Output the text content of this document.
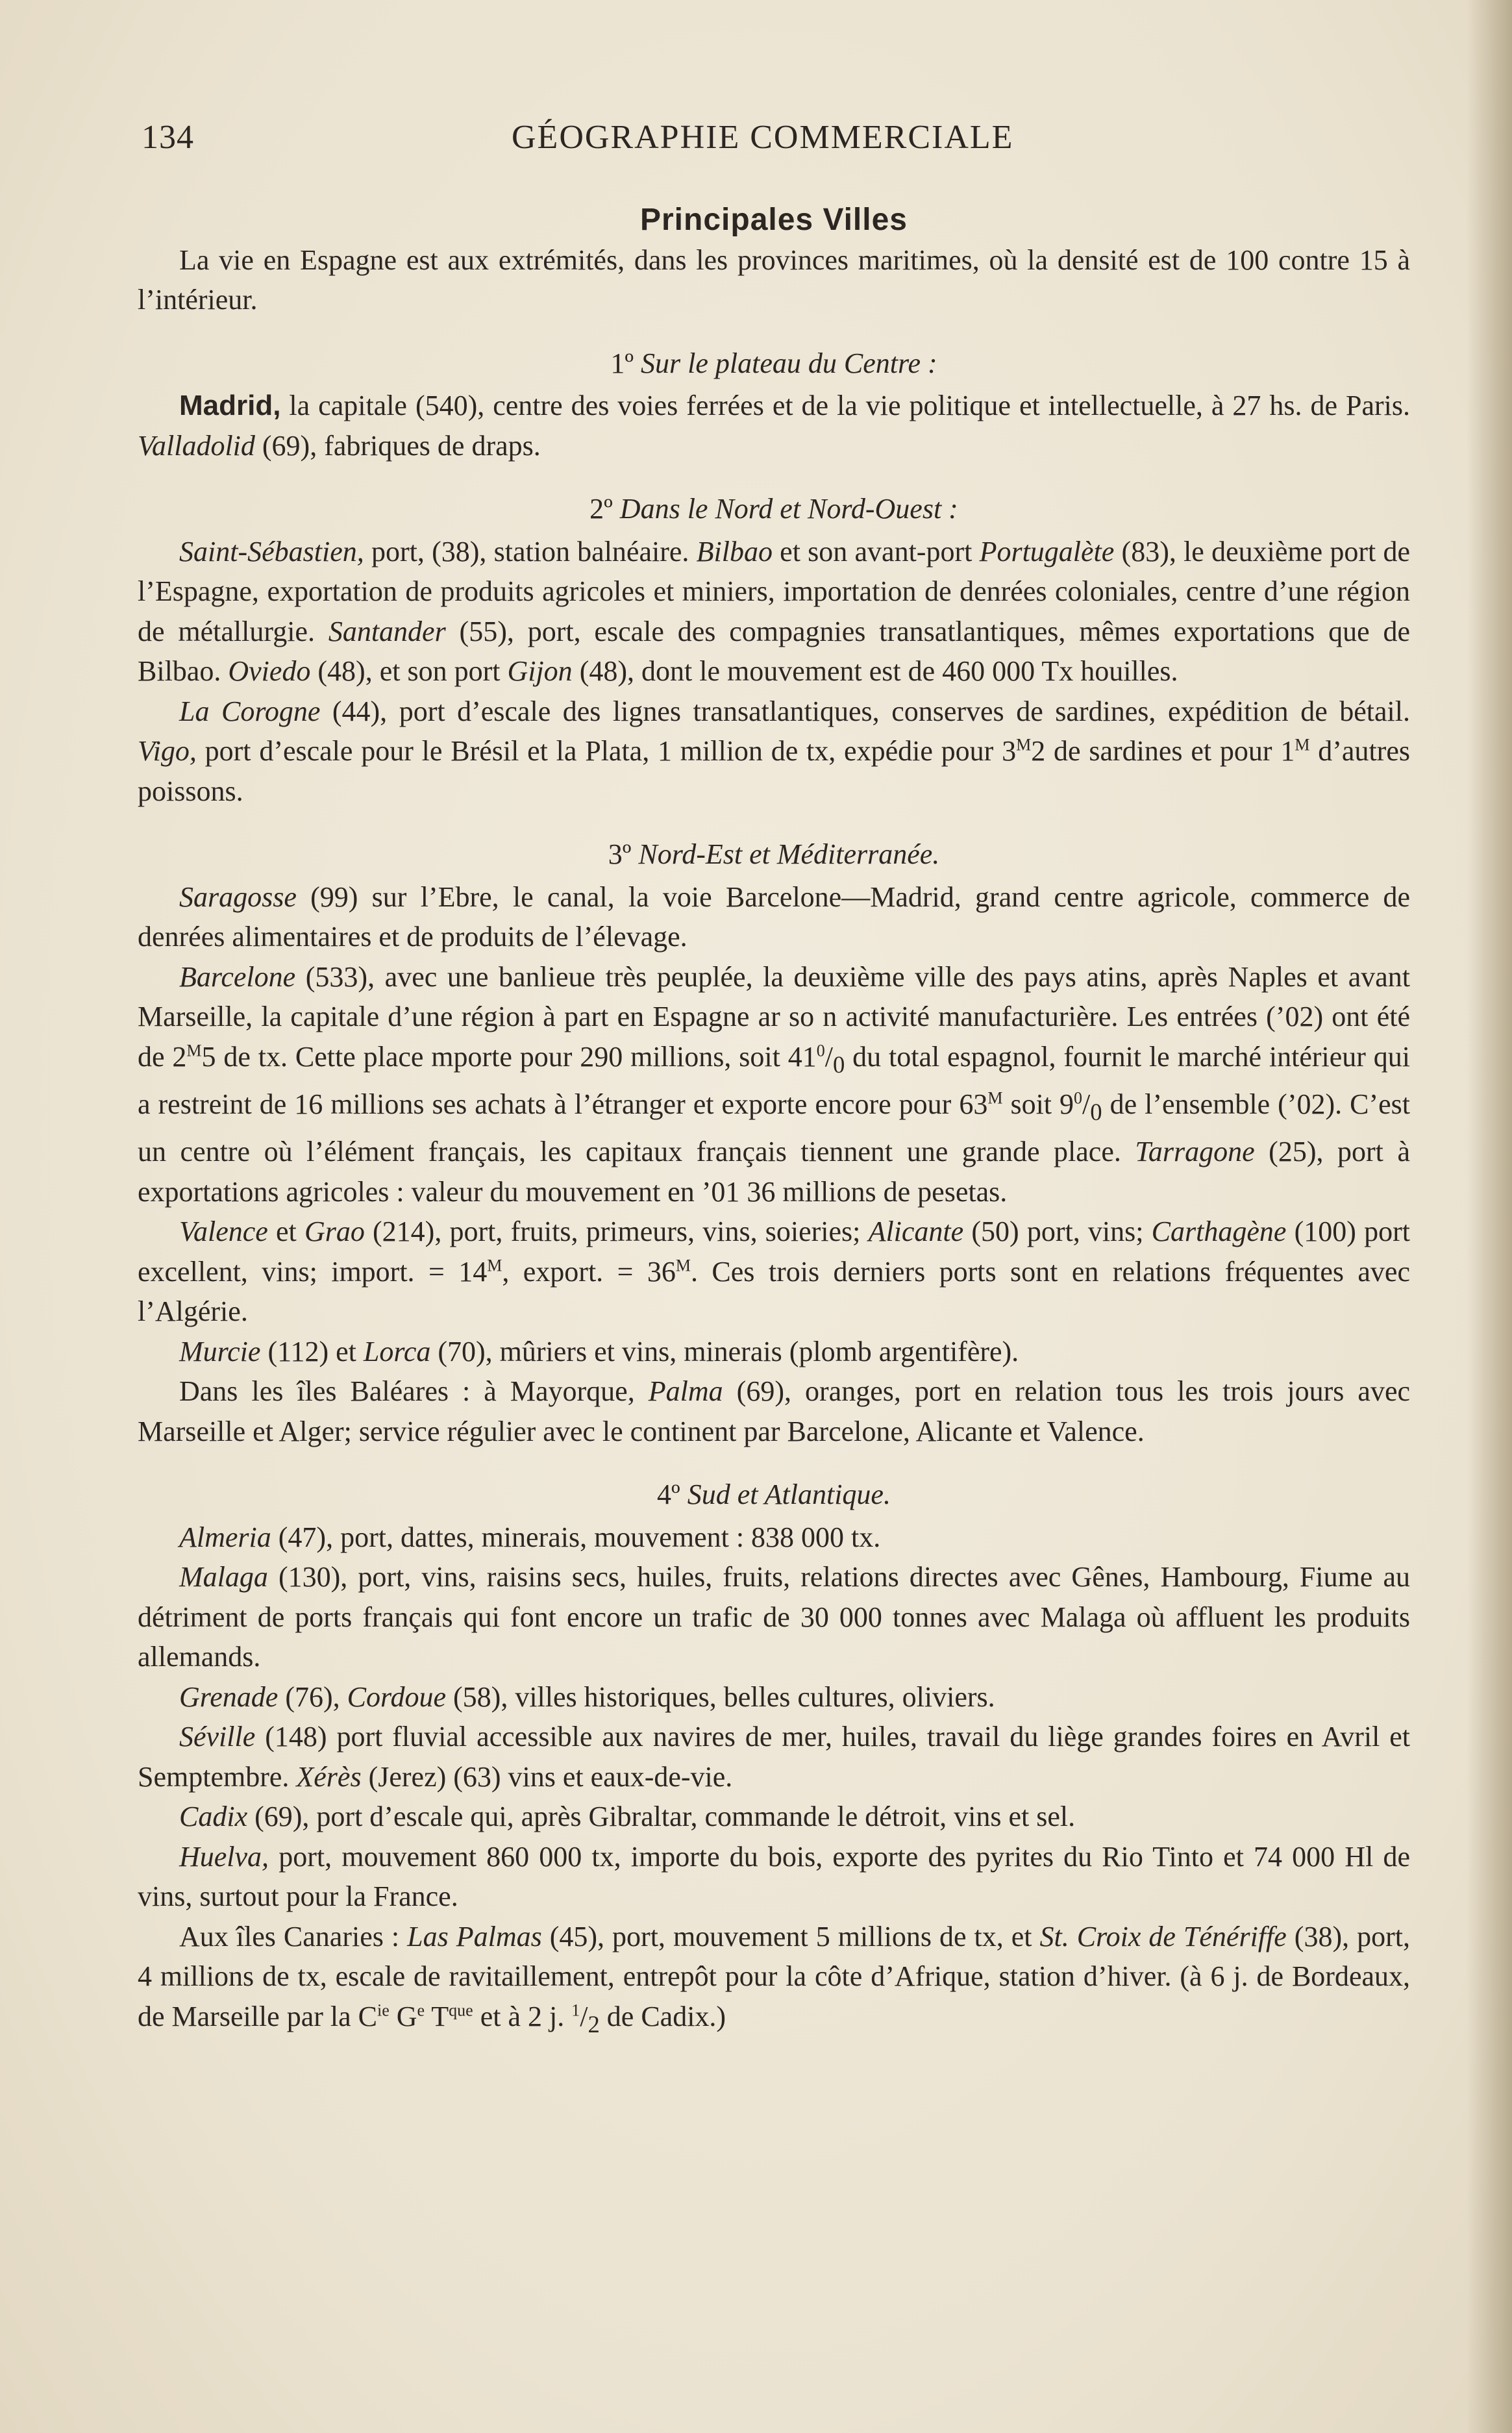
134	GÉOGRAPHIE COMMERCIALE
Principales Villes

La vie en Espagne est aux extrémités, dans les provinces maritimes, où la densité est de 100 contre 15 à l’intérieur.

1º Sur le plateau du Centre :

Madrid, la capitale (540), centre des voies ferrées et de la vie politique et intellectuelle, à 27 hs. de Paris. Valladolid (69), fabriques de draps.

2º Dans le Nord et Nord-Ouest :

Saint-Sébastien, port, (38), station balnéaire. Bilbao et son avant-port Portugalète (83), le deuxième port de l’Espagne, exportation de produits agricoles et miniers, importation de denrées coloniales, centre d’une région de métallurgie. Santander (55), port, escale des compagnies transatlantiques, mêmes exportations que de Bilbao. Oviedo (48), et son port Gijon (48), dont le mouvement est de 460 000 Tx houilles.

La Corogne (44), port d’escale des lignes transatlantiques, conserves de sardines, expédition de bétail. Vigo, port d’escale pour le Brésil et la Plata, 1 million de tx, expédie pour $3^M2$ de sardines et pour $1^M$ d’autres poissons.

3º Nord-Est et Méditerranée.

Saragosse (99) sur l’Ebre, le canal, la voie Barcelone—Madrid, grand centre agricole, commerce de denrées alimentaires et de produits de l’élevage.

Barcelone (533), avec une banlieue très peuplée, la deuxième ville des pays atins, après Naples et avant Marseille, la capitale d’une région à part en Espagne ar so n activité manufacturière. Les entrées (’02) ont été de $2^M5$ de tx. Cette place mporte pour 290 millions, soit $41^0/_0$ du total espagnol, fournit le marché intérieur qui a restreint de 16 millions ses achats à l’étranger et exporte encore pour $63^M$ soit $9^0/_0$ de l’ensemble (’02). C’est un centre où l’élément français, les capitaux français tiennent une grande place. Tarragone (25), port à exportations agricoles : valeur du mouvement en ’01 36 millions de pesetas.

Valence et Grao (214), port, fruits, primeurs, vins, soieries; Alicante (50) port, vins; Carthagène (100) port excellent, vins; import. = $14^M$, export. = $36^M$. Ces trois derniers ports sont en relations fréquentes avec l’Algérie.

Murcie (112) et Lorca (70), mûriers et vins, minerais (plomb argentifère).

Dans les îles Baléares : à Mayorque, Palma (69), oranges, port en relation tous les trois jours avec Marseille et Alger; service régulier avec le continent par Barcelone, Alicante et Valence.

4º Sud et Atlantique.

Almeria (47), port, dattes, minerais, mouvement : 838 000 tx.

Malaga (130), port, vins, raisins secs, huiles, fruits, relations directes avec Gênes, Hambourg, Fiume au détriment de ports français qui font encore un trafic de 30 000 tonnes avec Malaga où affluent les produits allemands.

Grenade (76), Cordoue (58), villes historiques, belles cultures, oliviers.

Séville (148) port fluvial accessible aux navires de mer, huiles, travail du liège grandes foires en Avril et Semptembre. Xérès (Jerez) (63) vins et eaux-de-vie.

Cadix (69), port d’escale qui, après Gibraltar, commande le détroit, vins et sel.

Huelva, port, mouvement 860 000 tx, importe du bois, exporte des pyrites du Rio Tinto et 74 000 Hl de vins, surtout pour la France.

Aux îles Canaries : Las Palmas (45), port, mouvement 5 millions de tx, et St. Croix de Ténériffe (38), port, 4 millions de tx, escale de ravitaillement, entrepôt pour la côte d’Afrique, station d’hiver. (à 6 j. de Bordeaux, de Marseille par la $C^{ie}$ $G^e$ $T^{que}$ et à 2 j. $^1/_2$ de Cadix.)
